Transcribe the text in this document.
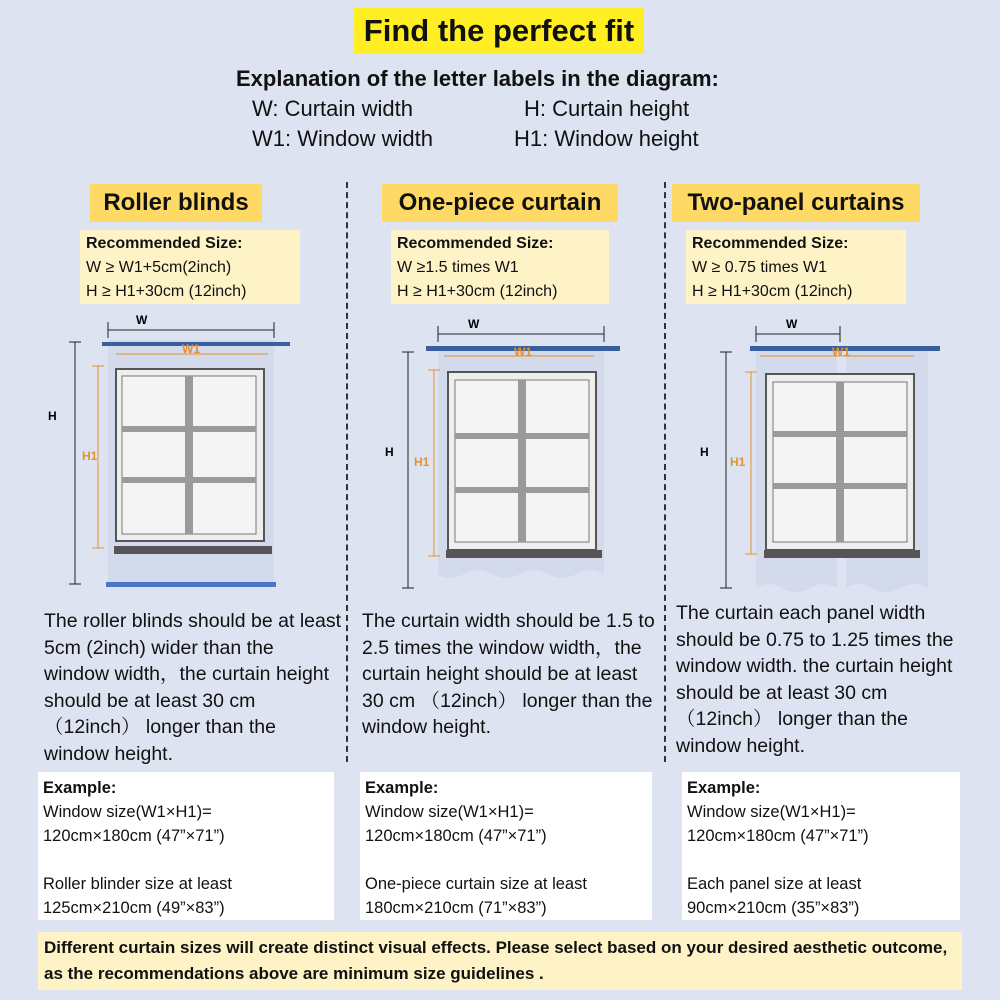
Find the perfect fit
Explanation of the letter labels in the diagram:
W: Curtain width	H: Curtain height
W1: Window width	H1: Window height
Roller blinds
Recommended Size:
W ≥ W1+5cm(2inch)
H ≥ H1+30cm (12inch)
One-piece curtain
Recommended Size:
W ≥1.5 times W1
H ≥ H1+30cm (12inch)
Two-panel curtains
Recommended Size:
W ≥ 0.75 times W1
H ≥ H1+30cm (12inch)
W
W1
H1
H
W
W1
H1
H
W
W1
H1
H
The roller blinds should be at least 5cm (2inch) wider than the window width，the curtain height should be at least 30 cm（12inch） longer than the window height.
The curtain width should be 1.5 to 2.5 times the window width，the curtain height should be at least 30 cm （12inch） longer than the window height.
The curtain each panel width should be 0.75 to 1.25 times the window width. the curtain height should be at least 30 cm（12inch） longer than the window height.
Example:
Window size(W1×H1)=
120cm×180cm (47”×71”)
Roller blinder size at least
125cm×210cm (49”×83”)
Example:
Window size(W1×H1)=
120cm×180cm (47”×71”)
One-piece curtain size at least
180cm×210cm (71”×83”)
Example:
Window size(W1×H1)=
120cm×180cm (47”×71”)
Each panel size at least
90cm×210cm (35”×83”)
Different curtain sizes will create distinct visual effects. Please select based on your desired aesthetic outcome, as the recommendations above are minimum size guidelines .
